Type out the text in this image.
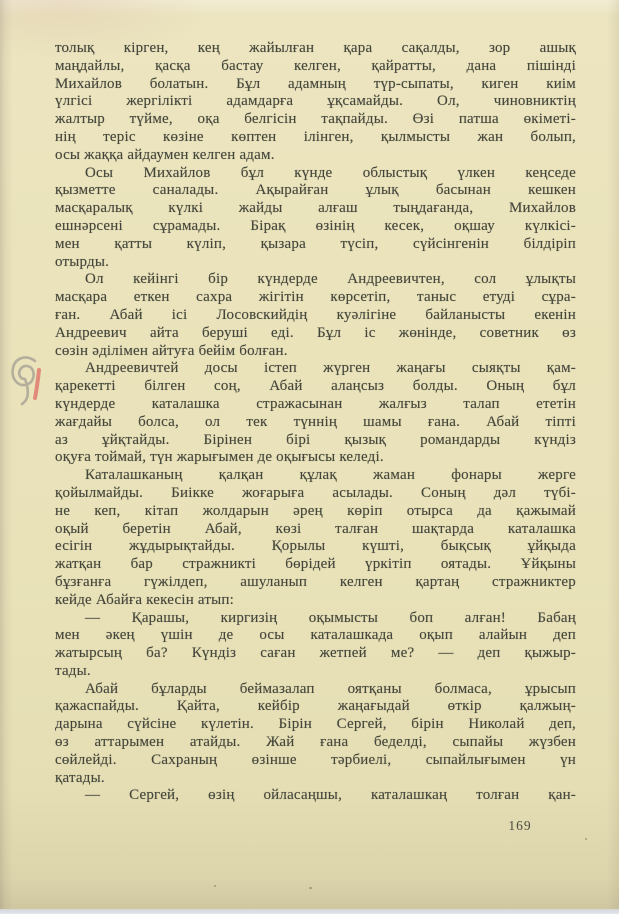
толық кірген, кең жайылған қара сақалды, зор ашық
маңдайлы, қасқа бастау келген, қайратты, дана пішінді
Михайлов болатын. Бұл адамның түр-сыпаты, киген киім
үлгісі жергілікті адамдарға ұқсамайды. Ол, чиновниктің
жалтыр түйме, оқа белгісін тақпайды. Өзі патша өкіметі-
нің теріс көзіне көптен ілінген, қылмысты жан болып,
осы жаққа айдаумен келген адам.
Осы Михайлов бұл күнде облыстық үлкен кеңседе
қызметте саналады. Ақырайған ұлық басынан кешкен
масқаралық күлкі жайды алғаш тыңдағанда, Михайлов
ешнәрсені сұрамады. Бірақ өзінің кесек, оқшау күлкісі-
мен қатты күліп, қызара түсіп, сүйсінгенін білдіріп
отырды.
Ол кейінгі бір күндерде Андреевичтен, сол ұлықты
масқара еткен сахра жігітін көрсетіп, таныс етуді сұра-
ған. Абай ісі Лосовскийдің куәлігіне байланысты екенін
Андреевич айта беруші еді. Бұл іс жөнінде, советник өз
сөзін әділімен айтуға бейім болған.
Андреевичтей досы істеп жүрген жаңағы сыяқты қам-
қарекетті білген соң, Абай алаңсыз болды. Оның бұл
күндерде каталашка стражасынан жалғыз талап ететін
жағдайы болса, ол тек түннің шамы ғана. Абай тіпті
аз ұйқтайды. Бірінен бірі қызық романдарды күндіз
оқуға тоймай, түн жарығымен де оқығысы келеді.
Каталашканың қалқан құлақ жаман фонары жерге
қойылмайды. Биікке жоғарыға асылады. Соның дәл түбі-
не кеп, кітап жолдарын әрең көріп отырса да қажымай
оқый беретін Абай, көзі талған шақтарда каталашка
есігін жұдырықтайды. Қорылы күшті, бықсық ұйқыда
жатқан бар стражникті бөрідей үркітіп оятады. Ұйқыны
бұзғанға гүжілдеп, ашуланып келген қартаң стражниктер
кейде Абайға кекесін атып:
— Қарашы, киргизің оқымысты боп алған! Бабаң
мен әкең үшін де осы каталашкада оқып алайын деп
жатырсың ба? Күндіз саған жетпей ме? — деп қыжыр-
тады.
Абай бұларды беймазалап оятқаны болмаса, ұрысып
қажаспайды. Қайта, кейбір жаңағыдай өткір қалжың-
дарына сүйсіне күлетін. Бірін Сергей, бірін Николай деп,
өз аттарымен атайды. Жай ғана беделді, сыпайы жүзбен
сөйлейді. Сахраның өзінше тәрбиелі, сыпайлығымен үн
қатады.
— Сергей, өзің ойласаңшы, каталашкаң толған қан-
169
